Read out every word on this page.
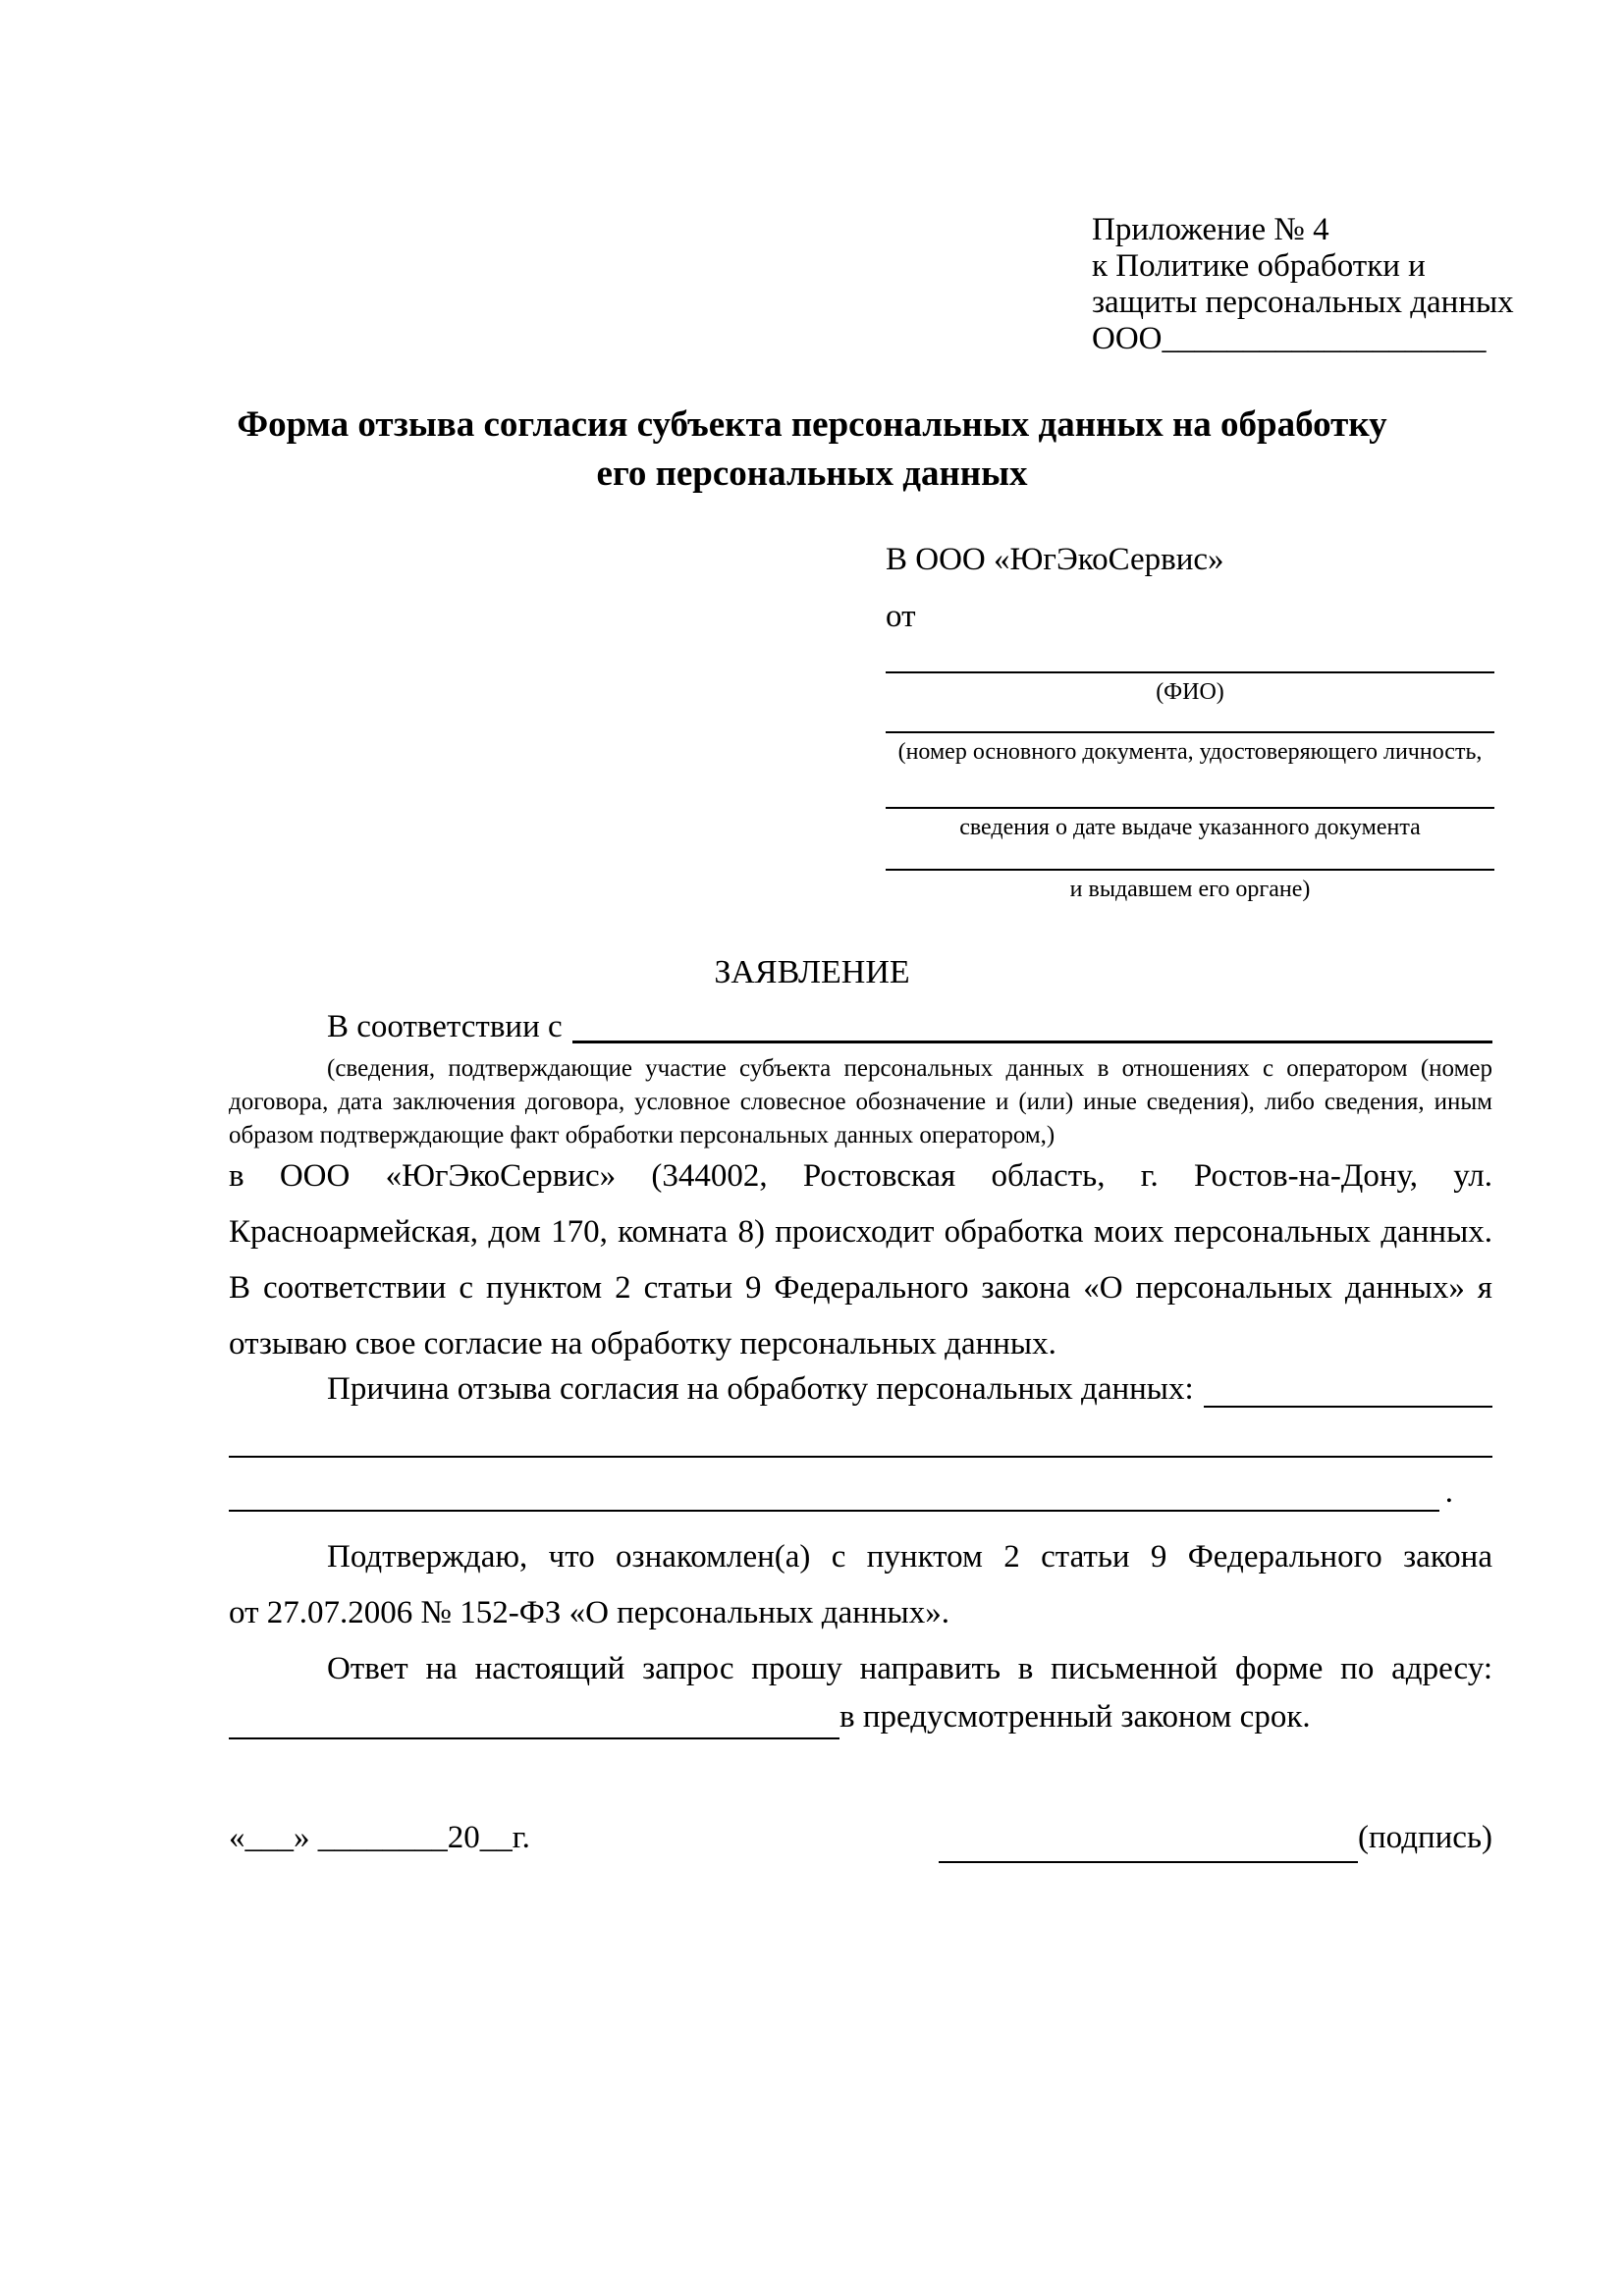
Приложение № 4
к Политике обработки и
защиты персональных данных
ООО____________________
Форма отзыва согласия субъекта персональных данных на обработку
его персональных данных
В ООО «ЮгЭкоСервис»
от
(ФИО)
(номер основного документа, удостоверяющего личность,
сведения о дате выдаче указанного документа
и выдавшем его органе)
ЗАЯВЛЕНИЕ
В соответствии с
(сведения, подтверждающие участие субъекта персональных данных в отношениях с оператором (номер договора, дата заключения договора, условное словесное обозначение и (или) иные сведения), либо сведения, иным образом подтверждающие факт обработки персональных данных оператором,)
в ООО «ЮгЭкоСервис» (344002, Ростовская область, г. Ростов-на-Дону, ул.
Красноармейская, дом 170, комната 8) происходит обработка моих персональных данных.
В соответствии с пунктом 2 статьи 9 Федерального закона «О персональных данных» я
отзываю свое согласие на обработку персональных данных.
Причина отзыва согласия на обработку персональных данных:
.
Подтверждаю, что ознакомлен(а) с пунктом 2 статьи 9 Федерального закона
от 27.07.2006 № 152-ФЗ «О персональных данных».
Ответ на настоящий запрос прошу направить в письменной форме по адресу:
в предусмотренный законом срок.
«___» ________20__г.	(подпись)
